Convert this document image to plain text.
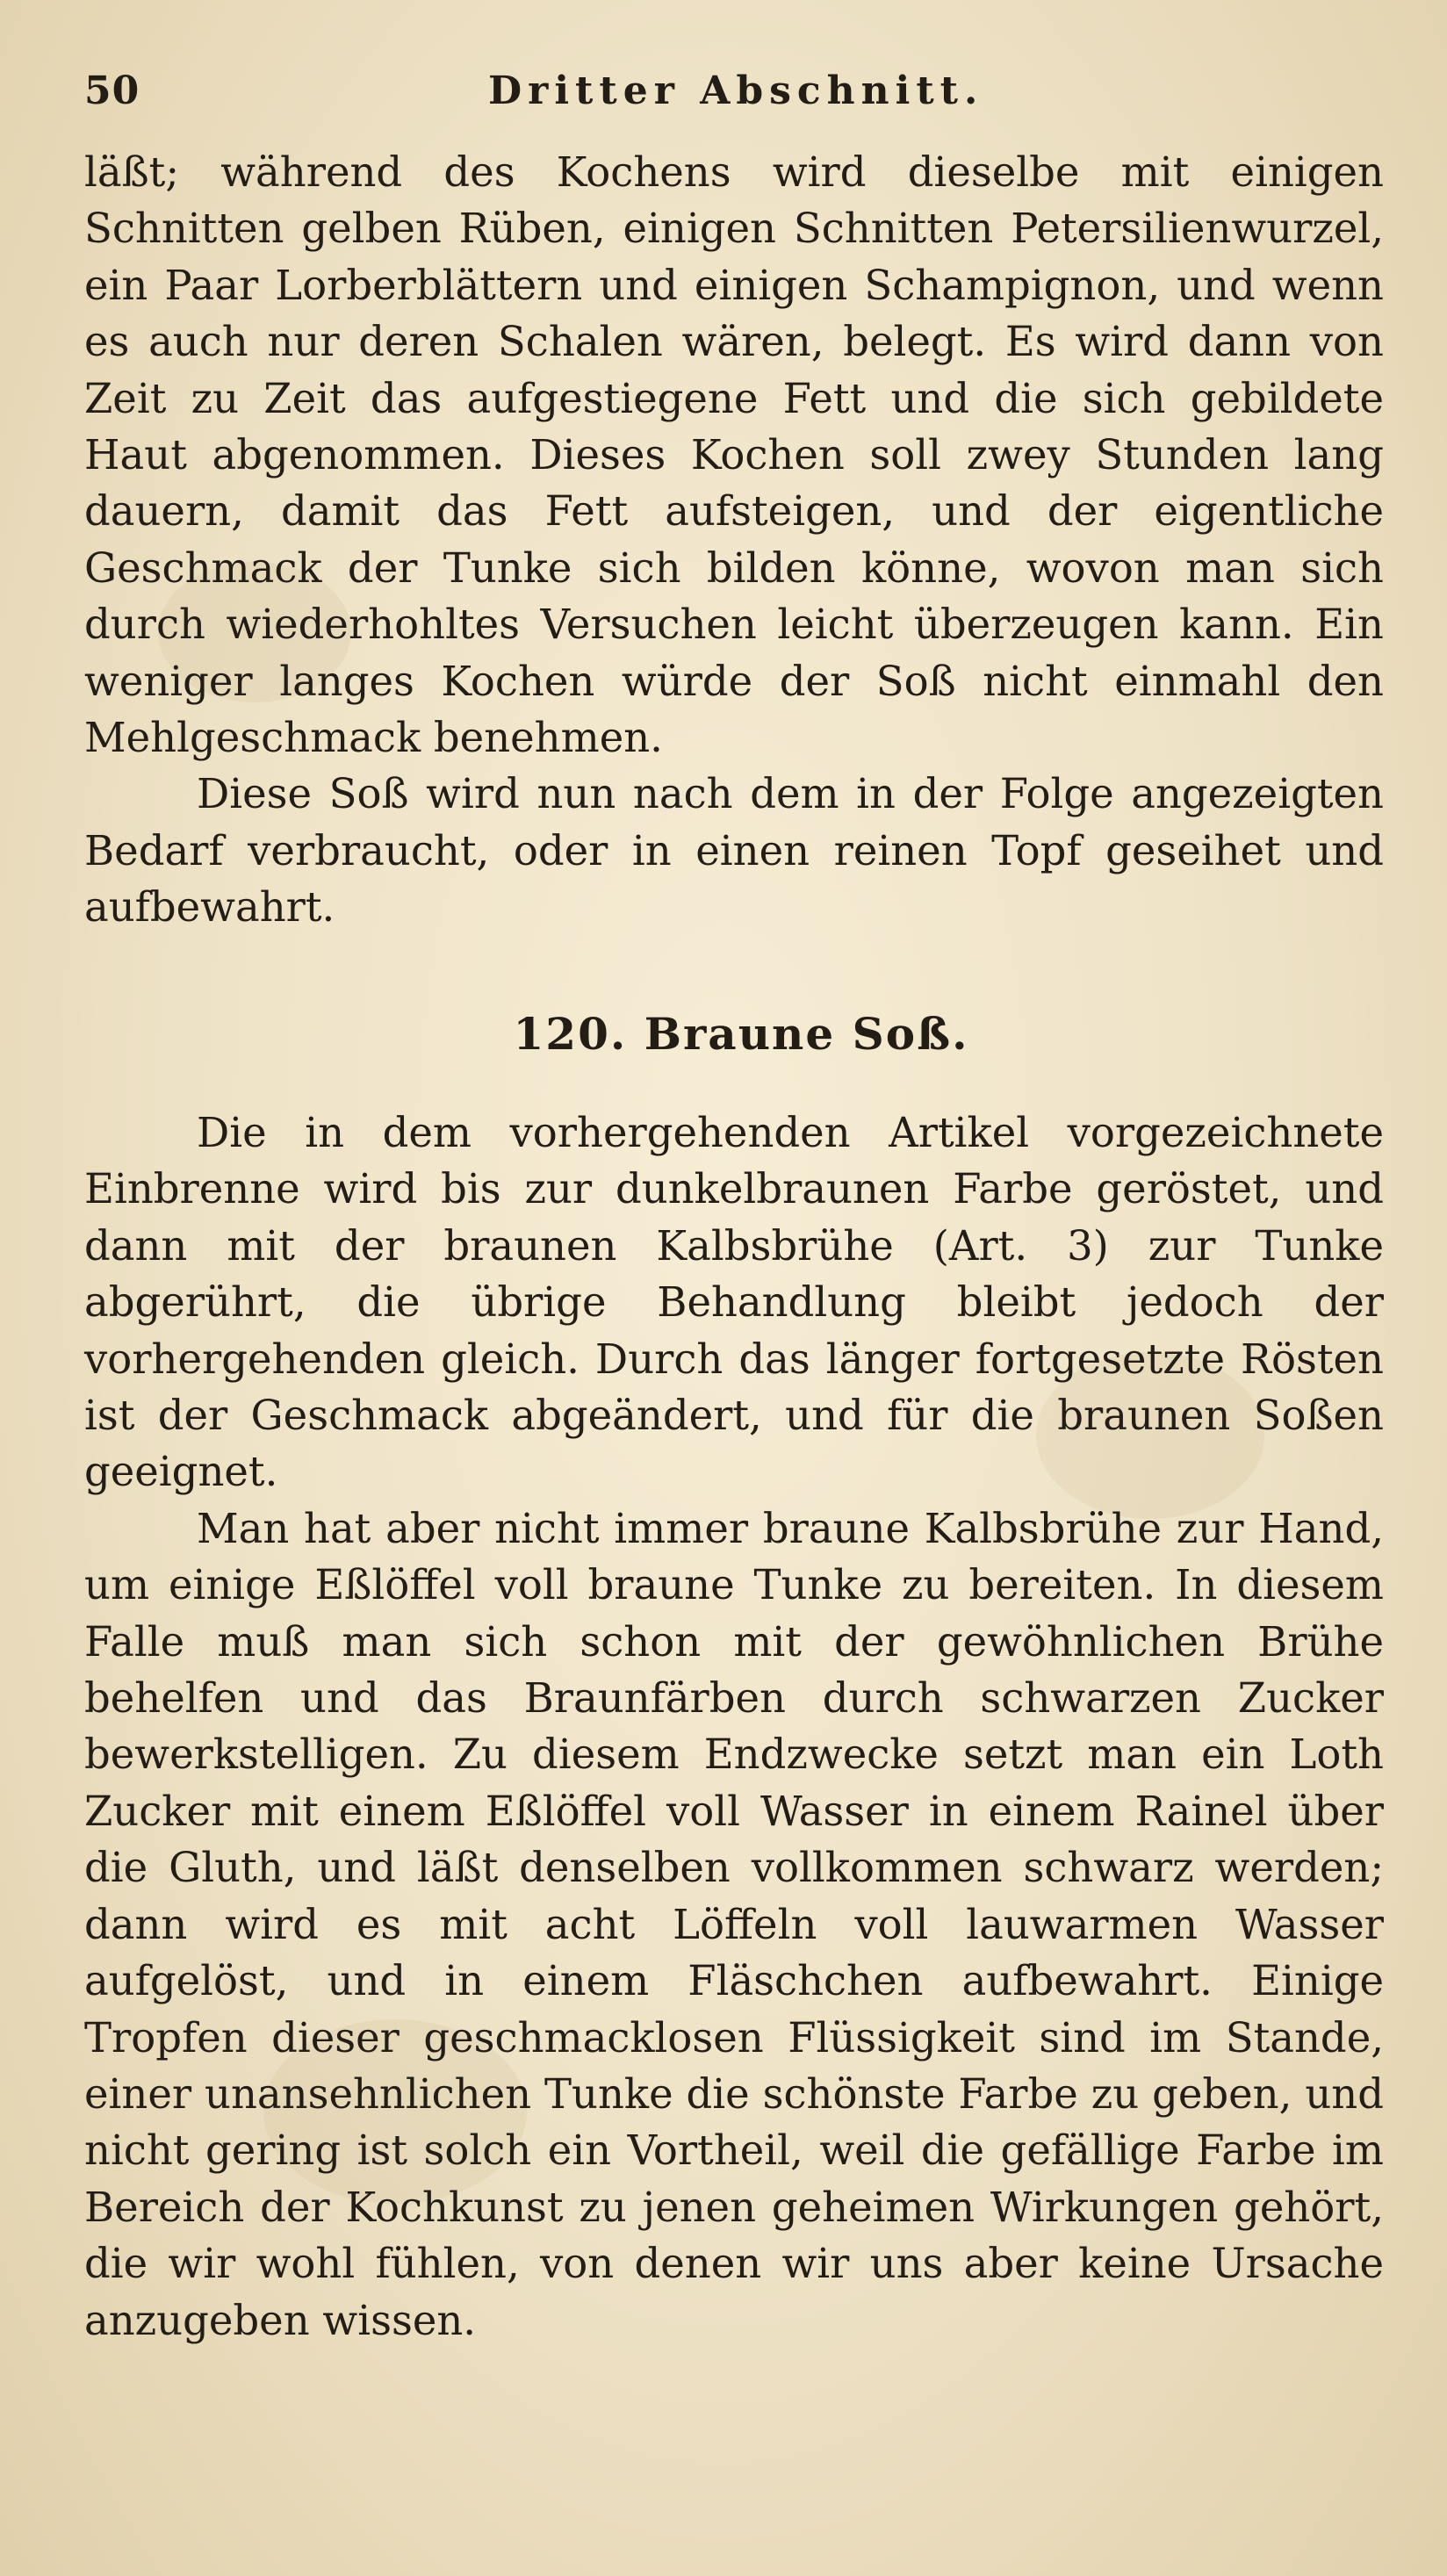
50	Dritter Abschnitt.

läßt; während des Kochens wird dieselbe mit einigen Schnitten gelben Rüben, einigen Schnitten Petersilienwurzel, ein Paar Lorberblättern und einigen Schampignon, und wenn es auch nur deren Schalen wären, belegt. Es wird dann von Zeit zu Zeit das aufgestiegene Fett und die sich gebildete Haut abgenommen. Dieses Kochen soll zwey Stunden lang dauern, damit das Fett aufsteigen, und der eigentliche Geschmack der Tunke sich bilden könne, wovon man sich durch wiederhohltes Versuchen leicht überzeugen kann. Ein weniger langes Kochen würde der Soß nicht einmahl den Mehlgeschmack benehmen.

Diese Soß wird nun nach dem in der Folge angezeigten Bedarf verbraucht, oder in einen reinen Topf geseihet und aufbewahrt.

120. Braune Soß.

Die in dem vorhergehenden Artikel vorgezeichnete Einbrenne wird bis zur dunkelbraunen Farbe geröstet, und dann mit der braunen Kalbsbrühe (Art. 3) zur Tunke abgerührt, die übrige Behandlung bleibt jedoch der vorhergehenden gleich. Durch das länger fortgesetzte Rösten ist der Geschmack abgeändert, und für die braunen Soßen geeignet.

Man hat aber nicht immer braune Kalbsbrühe zur Hand, um einige Eßlöffel voll braune Tunke zu bereiten. In diesem Falle muß man sich schon mit der gewöhnlichen Brühe behelfen und das Braunfärben durch schwarzen Zucker bewerkstelligen. Zu diesem Endzwecke setzt man ein Loth Zucker mit einem Eßlöffel voll Wasser in einem Rainel über die Gluth, und läßt denselben vollkommen schwarz werden; dann wird es mit acht Löffeln voll lauwarmen Wasser aufgelöst, und in einem Fläschchen aufbewahrt. Einige Tropfen dieser geschmacklosen Flüssigkeit sind im Stande, einer unansehnlichen Tunke die schönste Farbe zu geben, und nicht gering ist solch ein Vortheil, weil die gefällige Farbe im Bereich der Kochkunst zu jenen geheimen Wirkungen gehört, die wir wohl fühlen, von denen wir uns aber keine Ursache anzugeben wissen.
